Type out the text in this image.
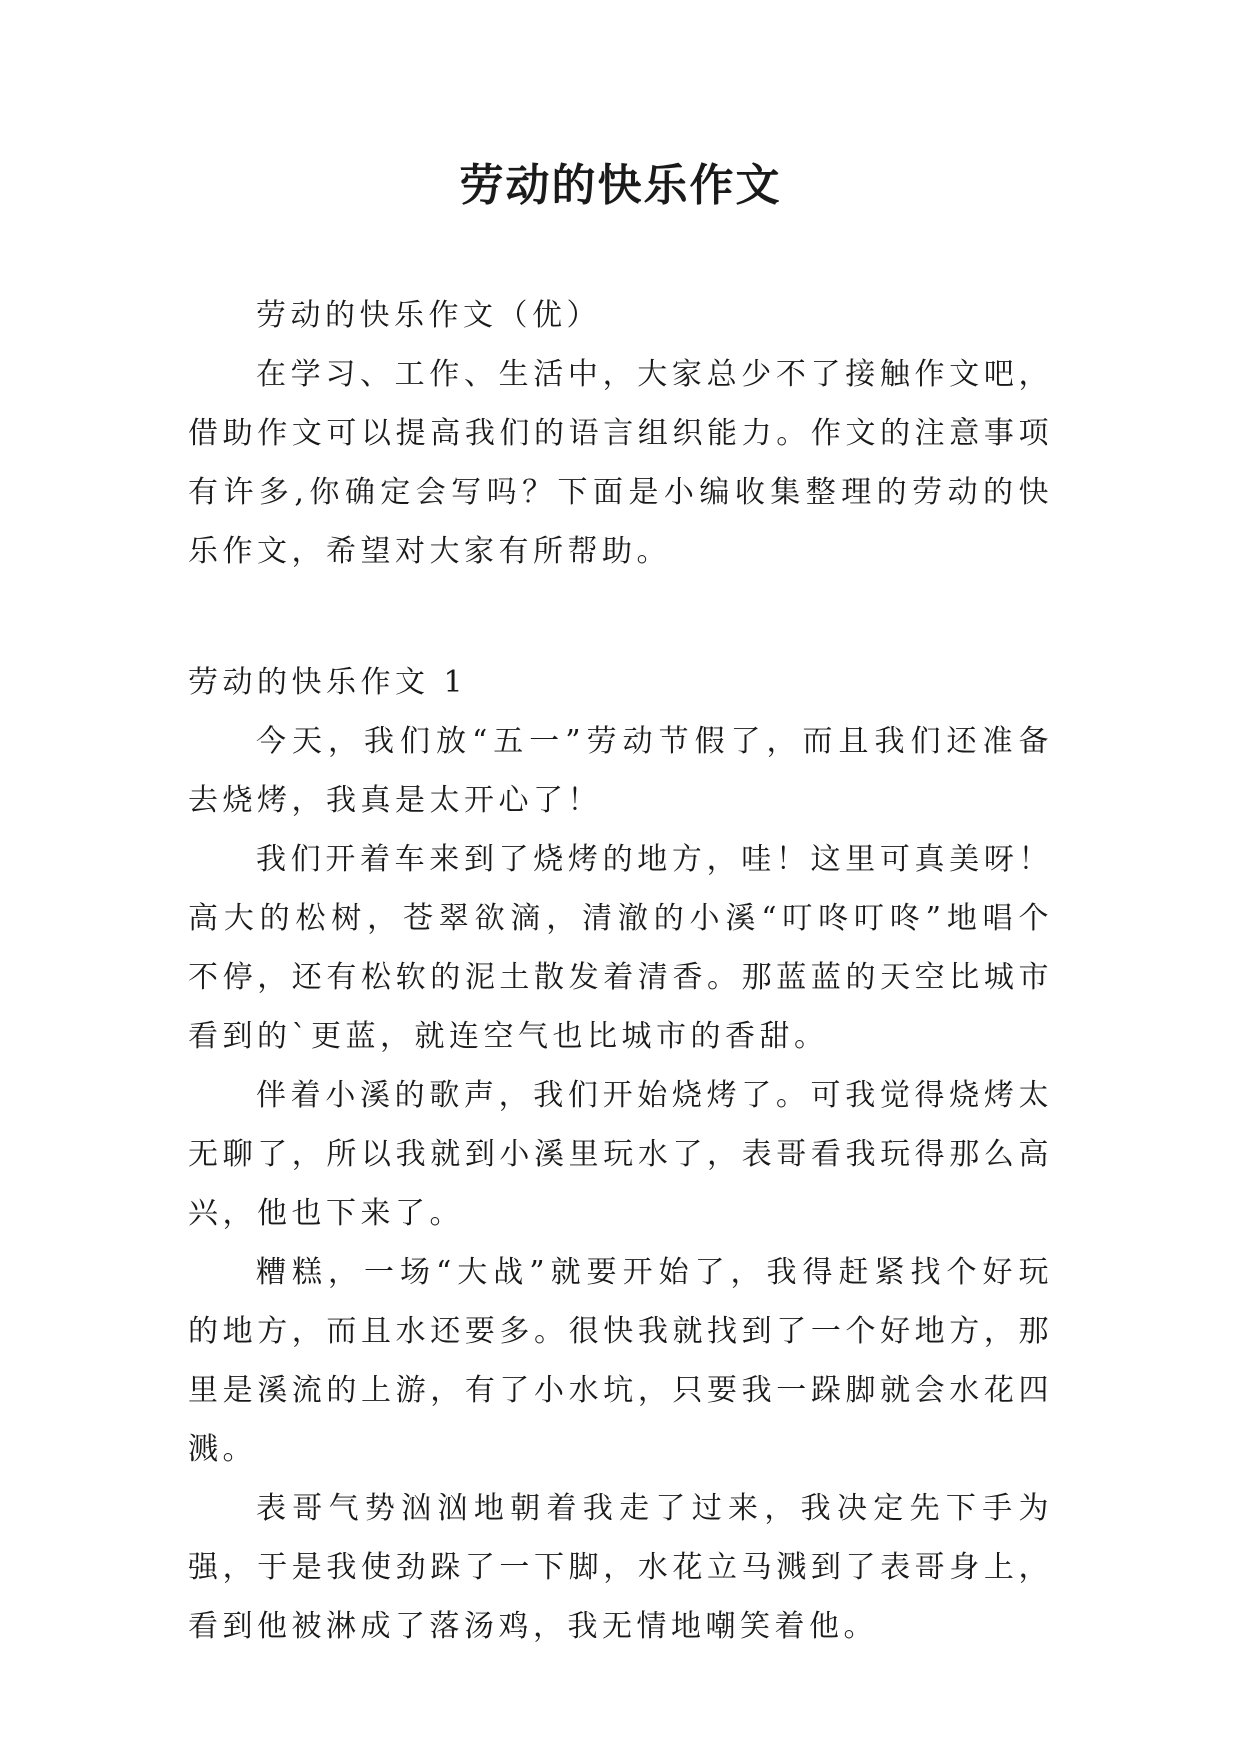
劳动的快乐作文

劳动的快乐作文（优）

在学习、工作、生活中，大家总少不了接触作文吧，借助作文可以提高我们的语言组织能力。作文的注意事项有许多,你确定会写吗？下面是小编收集整理的劳动的快乐作文，希望对大家有所帮助。

劳动的快乐作文 1

今天，我们放“五一”劳动节假了，而且我们还准备去烧烤，我真是太开心了！

我们开着车来到了烧烤的地方，哇！这里可真美呀！高大的松树，苍翠欲滴，清澈的小溪“叮咚叮咚”地唱个不停，还有松软的泥土散发着清香。那蓝蓝的天空比城市看到的`更蓝，就连空气也比城市的香甜。

伴着小溪的歌声，我们开始烧烤了。可我觉得烧烤太无聊了，所以我就到小溪里玩水了，表哥看我玩得那么高兴，他也下来了。

糟糕，一场“大战”就要开始了，我得赶紧找个好玩的地方，而且水还要多。很快我就找到了一个好地方，那里是溪流的上游，有了小水坑，只要我一跺脚就会水花四溅。

表哥气势汹汹地朝着我走了过来，我决定先下手为强，于是我使劲跺了一下脚，水花立马溅到了表哥身上，看到他被淋成了落汤鸡，我无情地嘲笑着他。
